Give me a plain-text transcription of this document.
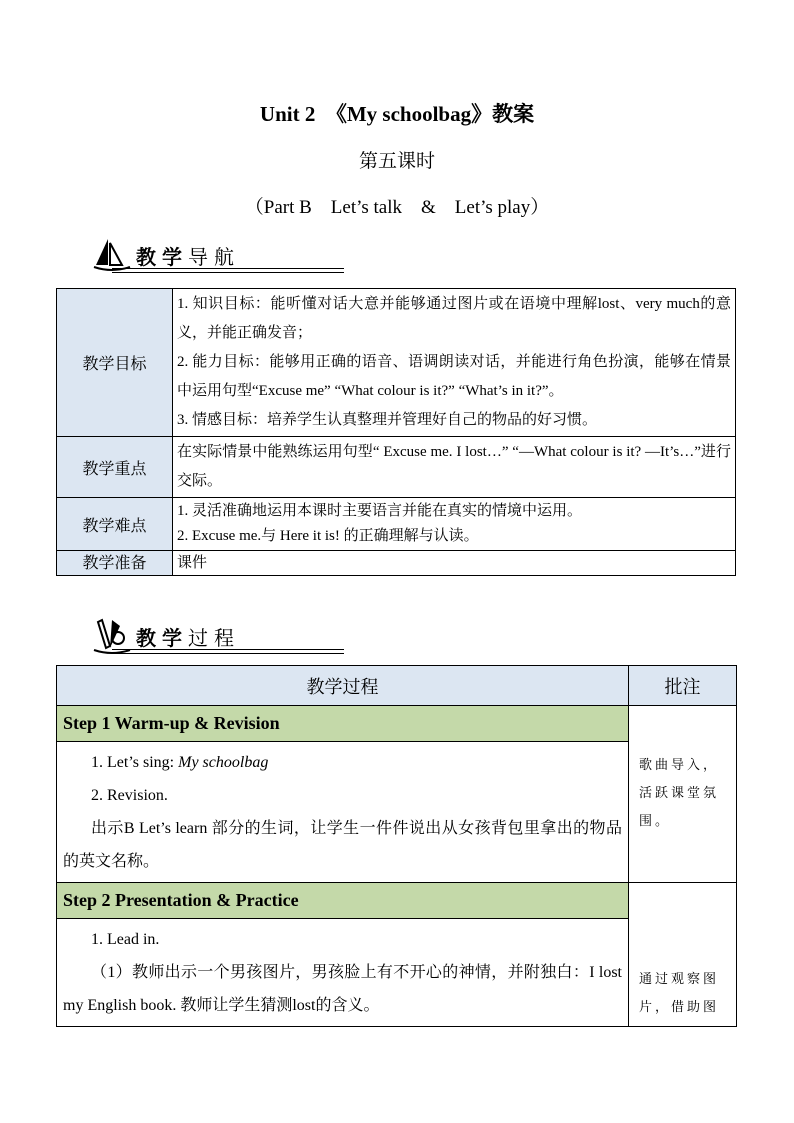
Unit 2　《My schoolbag》教案
第五课时
（Part B　Let’s talk　&　Let’s play）
教学导航
教学目标	1. 知识目标：能听懂对话大意并能够通过图片或在语境中理解lost、very much的意义，并能正确发音；

2. 能力目标：能够用正确的语音、语调朗读对话，并能进行角色扮演，能够在情景中运用句型“Excuse me” “What colour is it?” “What’s in it?”。

3. 情感目标：培养学生认真整理并管理好自己的物品的好习惯。

教学重点	在实际情景中能熟练运用句型“ Excuse me. I lost…” “—What colour is it? —It’s…”进行交际。

教学难点	1. 灵活准确地运用本课时主要语言并能在真实的情境中运用。

2. Excuse me.与 Here it is! 的正确理解与认读。

教学准备	课件

教学过程
教学过程	批注
Step 1 Warm-up & Revision	歌曲导入，活跃课堂氛围。

1. Let’s sing: My schoolbag

2. Revision.

出示B Let’s learn 部分的生词，让学生一件件说出从女孩背包里拿出的物品的英文名称。	

Step 2 Presentation & Practice	通过观察图片，借助图

1. Lead in.

（1）教师出示一个男孩图片，男孩脸上有不开心的神情，并附独白：I lost my English book. 教师让学生猜测lost的含义。	
